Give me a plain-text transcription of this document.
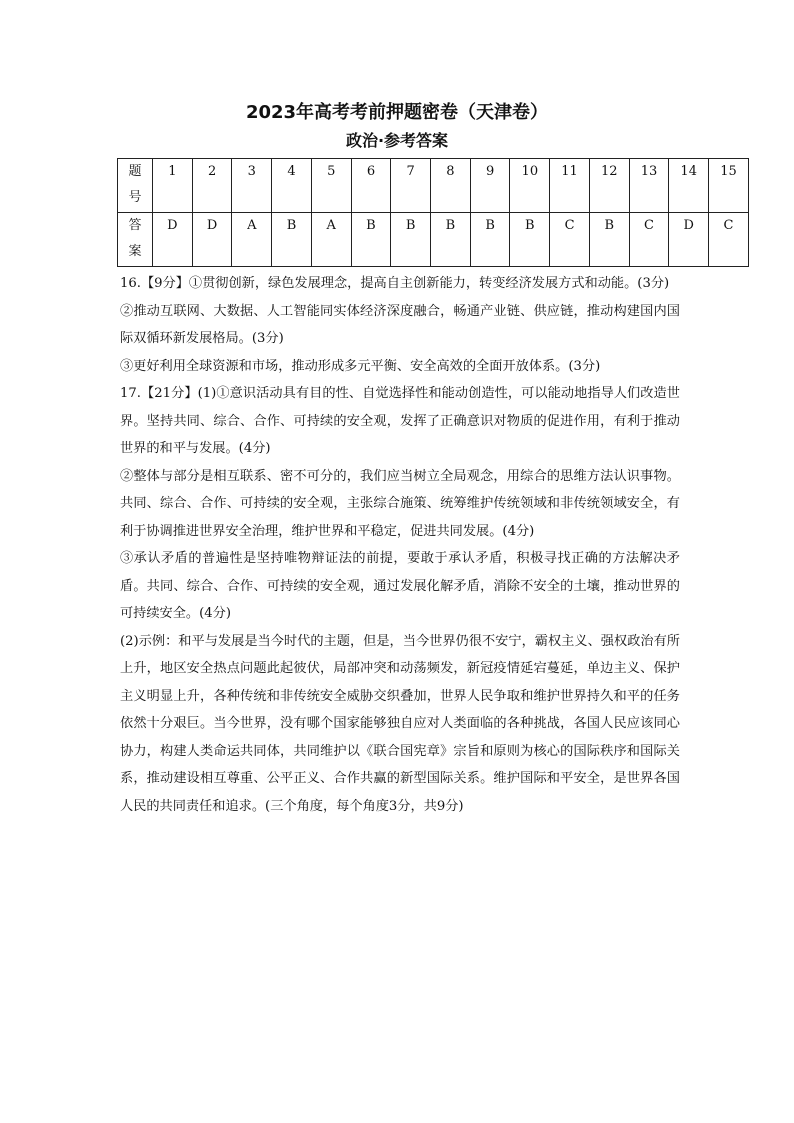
2023年高考考前押题密卷（天津卷）
政治·参考答案
题
号	1	2	3	4	5	6	7	8	9	10	11	12	13	14	15

答
案	D	D	A	B	A	B	B	B	B	B	C	B	C	D	C

16.【9分】①贯彻创新，绿色发展理念，提高自主创新能力，转变经济发展方式和动能。(3分)

②推动互联网、大数据、人工智能同实体经济深度融合，畅通产业链、供应链，推动构建国内国际双循环新发展格局。(3分)

③更好利用全球资源和市场，推动形成多元平衡、安全高效的全面开放体系。(3分)

17.【21分】(1)①意识活动具有目的性、自觉选择性和能动创造性，可以能动地指导人们改造世界。坚持共同、综合、合作、可持续的安全观，发挥了正确意识对物质的促进作用，有利于推动世界的和平与发展。(4分)

②整体与部分是相互联系、密不可分的，我们应当树立全局观念，用综合的思维方法认识事物。共同、综合、合作、可持续的安全观，主张综合施策、统筹维护传统领域和非传统领域安全，有利于协调推进世界安全治理，维护世界和平稳定，促进共同发展。(4分)

③承认矛盾的普遍性是坚持唯物辩证法的前提，要敢于承认矛盾，积极寻找正确的方法解决矛盾。共同、综合、合作、可持续的安全观，通过发展化解矛盾，消除不安全的土壤，推动世界的可持续安全。(4分)

(2)示例：和平与发展是当今时代的主题，但是，当今世界仍很不安宁，霸权主义、强权政治有所上升，地区安全热点问题此起彼伏，局部冲突和动荡频发，新冠疫情延宕蔓延，单边主义、保护主义明显上升，各种传统和非传统安全威胁交织叠加，世界人民争取和维护世界持久和平的任务依然十分艰巨。当今世界，没有哪个国家能够独自应对人类面临的各种挑战，各国人民应该同心协力，构建人类命运共同体，共同维护以《联合国宪章》宗旨和原则为核心的国际秩序和国际关系，推动建设相互尊重、公平正义、合作共赢的新型国际关系。维护国际和平安全，是世界各国人民的共同责任和追求。(三个角度，每个角度3分，共9分)
